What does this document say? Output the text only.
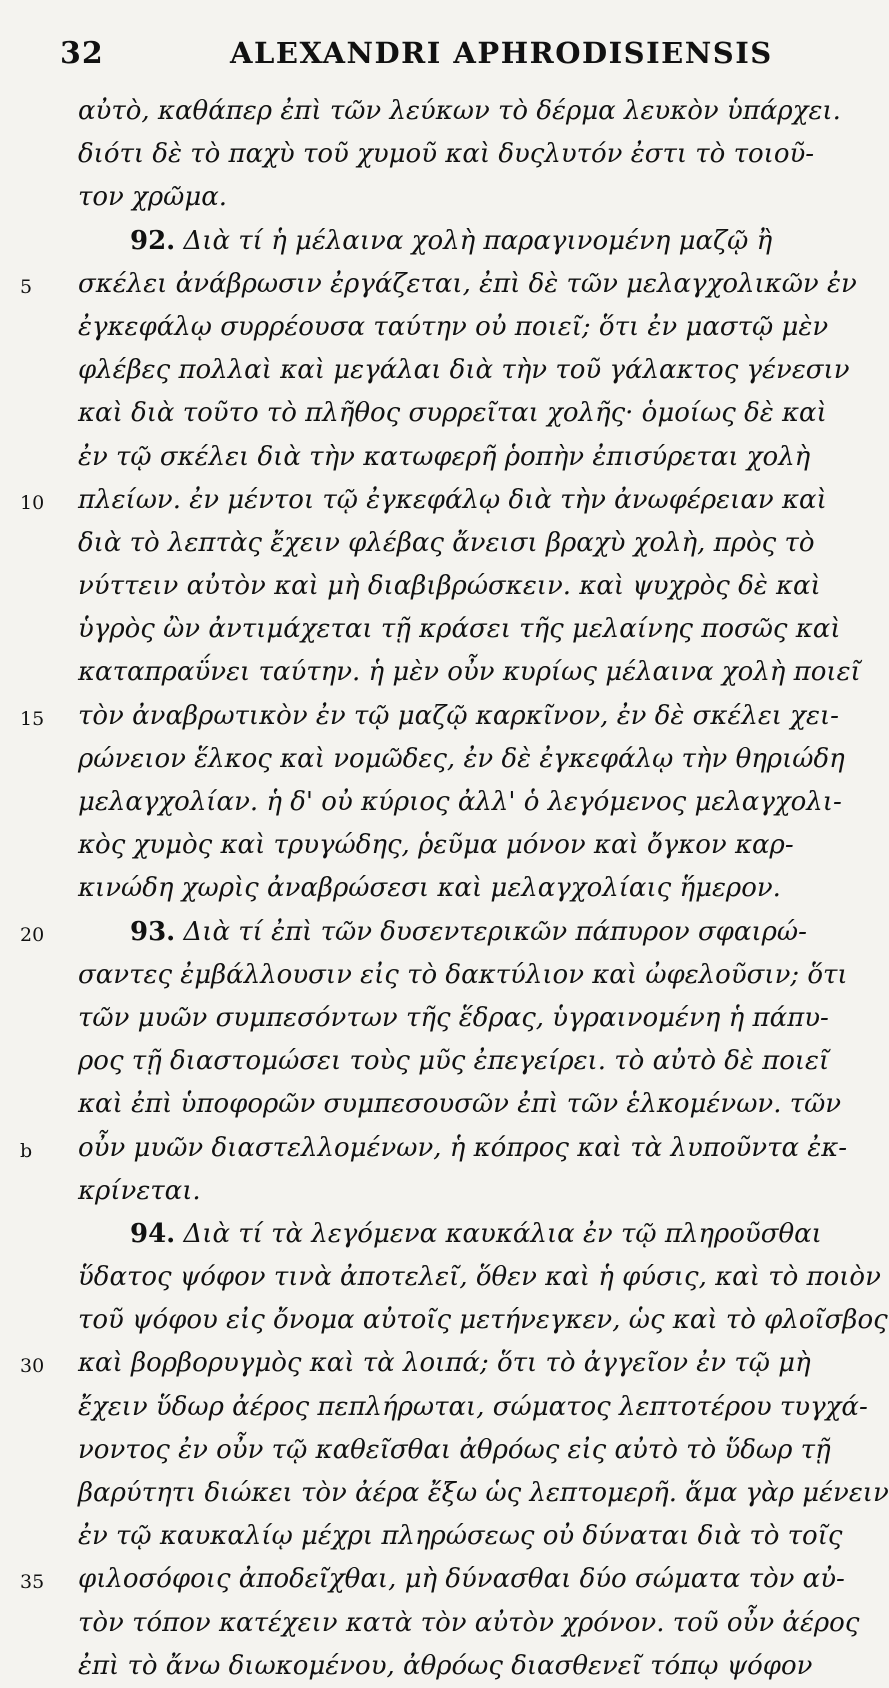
32	ALEXANDRI APHRODISIENSIS
αὐτὸ, καθάπερ ἐπὶ τῶν λεύκων τὸ δέρμα λευκὸν ὑπάρχει.
διότι δὲ τὸ παχὺ τοῦ χυμοῦ καὶ δυςλυτόν ἐστι τὸ τοιοῦ-
τον χρῶμα.
92. Διὰ τί ἡ μέλαινα χολὴ παραγινομένη μαζῷ ἢ
5 σκέλει ἀνάβρωσιν ἐργάζεται, ἐπὶ δὲ τῶν μελαγχολικῶν ἐν
ἐγκεφάλῳ συρρέουσα ταύτην οὐ ποιεῖ; ὅτι ἐν μαστῷ μὲν
φλέβες πολλαὶ καὶ μεγάλαι διὰ τὴν τοῦ γάλακτος γένεσιν
καὶ διὰ τοῦτο τὸ πλῆθος συρρεῖται χολῆς· ὁμοίως δὲ καὶ
ἐν τῷ σκέλει διὰ τὴν κατωφερῆ ῥοπὴν ἐπισύρεται χολὴ
10 πλείων. ἐν μέντοι τῷ ἐγκεφάλῳ διὰ τὴν ἀνωφέρειαν καὶ
διὰ τὸ λεπτὰς ἔχειν φλέβας ἄνεισι βραχὺ χολὴ, πρὸς τὸ
νύττειν αὐτὸν καὶ μὴ διαβιβρώσκειν. καὶ ψυχρὸς δὲ καὶ
ὑγρὸς ὢν ἀντιμάχεται τῇ κράσει τῆς μελαίνης ποσῶς καὶ
καταπραΰνει ταύτην. ἡ μὲν οὖν κυρίως μέλαινα χολὴ ποιεῖ
15 τὸν ἀναβρωτικὸν ἐν τῷ μαζῷ καρκῖνον, ἐν δὲ σκέλει χει-
ρώνειον ἕλκος καὶ νομῶδες, ἐν δὲ ἐγκεφάλῳ τὴν θηριώδη
μελαγχολίαν. ἡ δ' οὐ κύριος ἀλλ' ὁ λεγόμενος μελαγχολι-
κὸς χυμὸς καὶ τρυγώδης, ῥεῦμα μόνον καὶ ὄγκον καρ-
κινώδη χωρὶς ἀναβρώσεσι καὶ μελαγχολίαις ἥμερον.
20	93. Διὰ τί ἐπὶ τῶν δυσεντερικῶν πάπυρον σφαιρώ-
σαντες ἐμβάλλουσιν εἰς τὸ δακτύλιον καὶ ὠφελοῦσιν; ὅτι
τῶν μυῶν συμπεσόντων τῆς ἕδρας, ὑγραινομένη ἡ πάπυ-
ρος τῇ διαστομώσει τοὺς μῦς ἐπεγείρει. τὸ αὐτὸ δὲ ποιεῖ
καὶ ἐπὶ ὑποφορῶν συμπεσουσῶν ἐπὶ τῶν ἑλκομένων. τῶν
b οὖν μυῶν διαστελλομένων, ἡ κόπρος καὶ τὰ λυποῦντα ἐκ-
κρίνεται.
94. Διὰ τί τὰ λεγόμενα καυκάλια ἐν τῷ πληροῦσθαι
ὕδατος ψόφον τινὰ ἀποτελεῖ, ὅθεν καὶ ἡ φύσις, καὶ τὸ ποιὸν
τοῦ ψόφου εἰς ὄνομα αὐτοῖς μετήνεγκεν, ὡς καὶ τὸ φλοῖσβος
30 καὶ βορβορυγμὸς καὶ τὰ λοιπά; ὅτι τὸ ἀγγεῖον ἐν τῷ μὴ
ἔχειν ὕδωρ ἀέρος πεπλήρωται, σώματος λεπτοτέρου τυγχά-
νοντος ἐν οὖν τῷ καθεῖσθαι ἀθρόως εἰς αὐτὸ τὸ ὕδωρ τῇ
βαρύτητι διώκει τὸν ἀέρα ἔξω ὡς λεπτομερῆ. ἅμα γὰρ μένειν
ἐν τῷ καυκαλίῳ μέχρι πληρώσεως οὐ δύναται διὰ τὸ τοῖς
35 φιλοσόφοις ἀποδεῖχθαι, μὴ δύνασθαι δύο σώματα τὸν αὐ-
τὸν τόπον κατέχειν κατὰ τὸν αὐτὸν χρόνον. τοῦ οὖν ἀέρος
ἐπὶ τὸ ἄνω διωκομένου, ἀθρόως διασθενεῖ τόπῳ ψόφον
